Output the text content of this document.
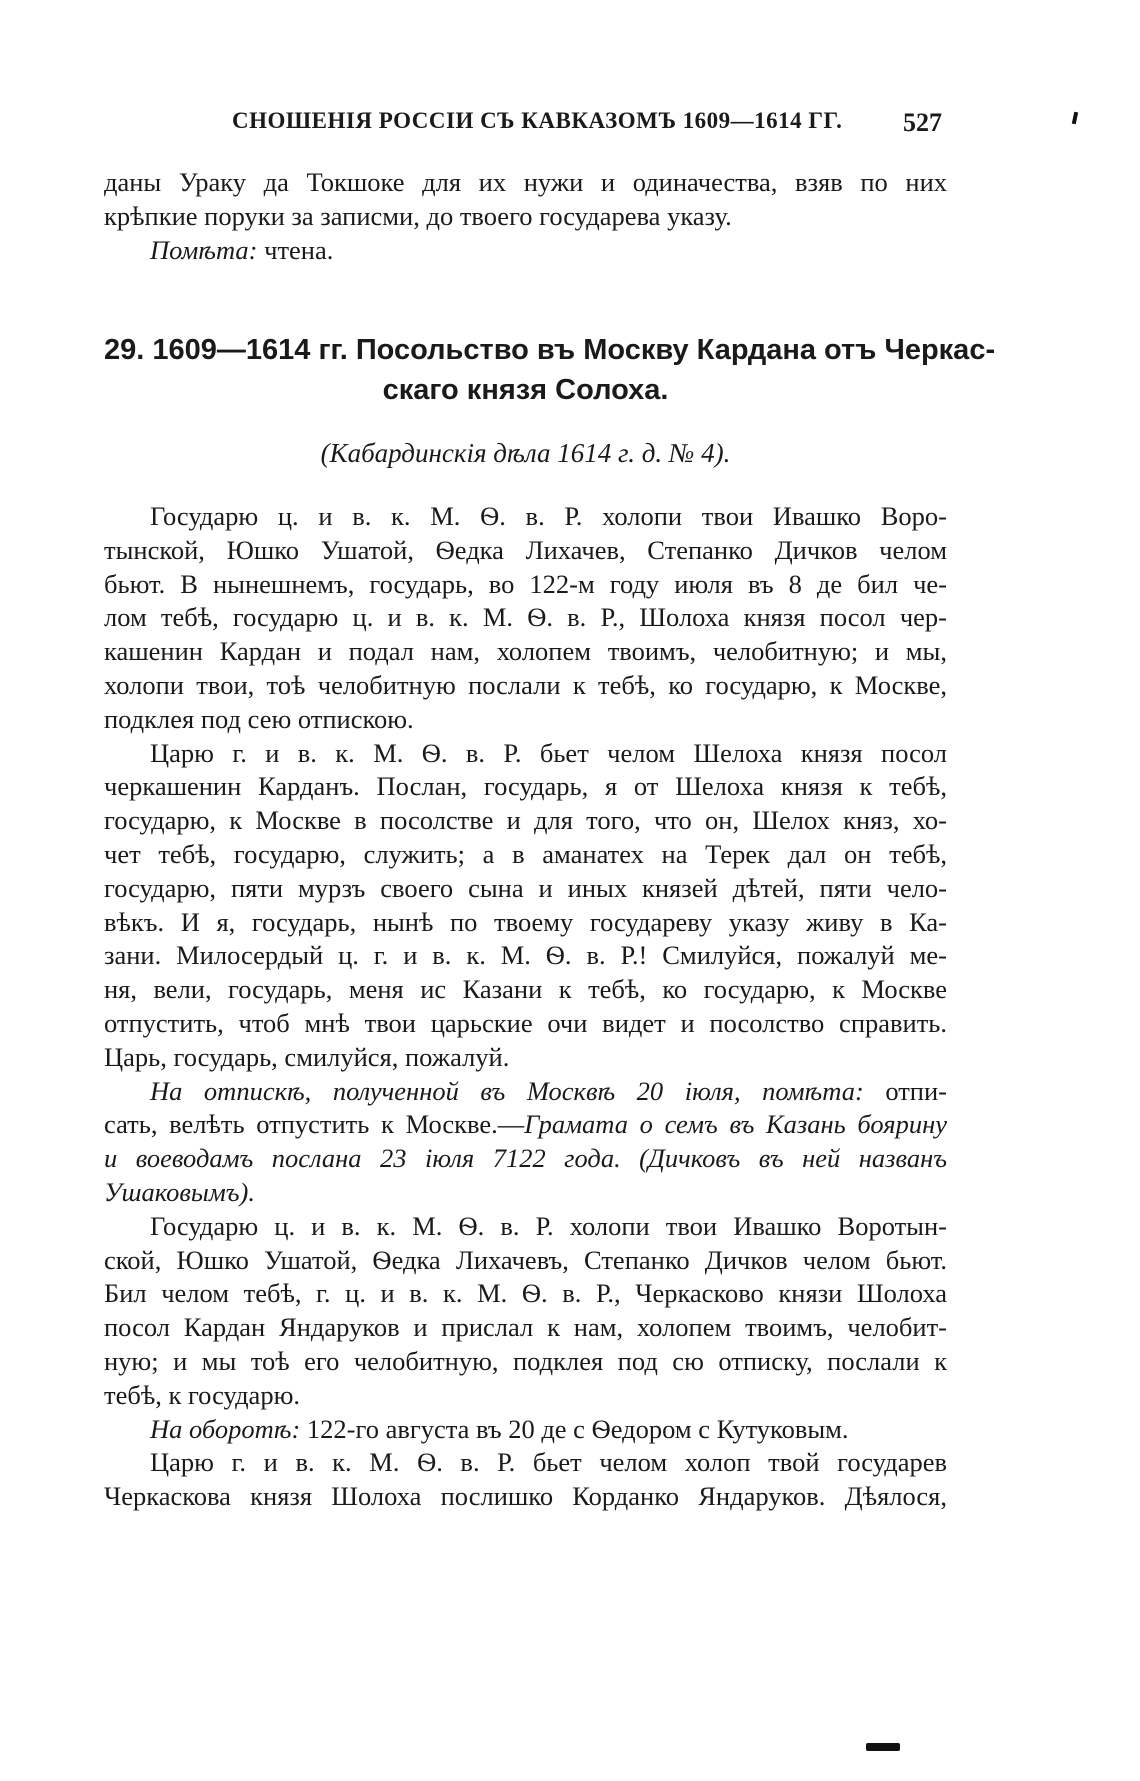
СНОШЕНІЯ РОССІИ СЪ КАВКАЗОМЪ 1609—1614 ГГ. 527
даны Ураку да Токшоке для их нужи и одиначества, взяв по них
крѣпкие поруки за записми, до твоего государева указу.
Помѣта: чтена.
29. 1609—1614 гг. Посольство въ Москву Кардана отъ Черкас-
скаго князя Солоха.
(Кабардинскія дѣла 1614 г. д. № 4).
Государю ц. и в. к. М. Ѳ. в. Р. холопи твои Ивашко Воро-
тынской, Юшко Ушатой, Ѳедка Лихачев, Степанко Дичков челом
бьют. В нынешнемъ, государь, во 122-м году июля въ 8 де бил че-
лом тебѣ, государю ц. и в. к. М. Ѳ. в. Р., Шолоха князя посол чер-
кашенин Кардан и подал нам, холопем твоимъ, челобитную; и мы,
холопи твои, тоѣ челобитную послали к тебѣ, ко государю, к Москве,
подклея под сею отпискою.
Царю г. и в. к. М. Ѳ. в. Р. бьет челом Шелоха князя посол
черкашенин Карданъ. Послан, государь, я от Шелоха князя к тебѣ,
государю, к Москве в посолстве и для того, что он, Шелох княз, хо-
чет тебѣ, государю, служить; а в аманатех на Терек дал он тебѣ,
государю, пяти мурзъ своего сына и иных князей дѣтей, пяти чело-
вѣкъ. И я, государь, нынѣ по твоему государеву указу живу в Ка-
зани. Милосердый ц. г. и в. к. М. Ѳ. в. Р.! Смилуйся, пожалуй ме-
ня, вели, государь, меня ис Казани к тебѣ, ко государю, к Москве
отпустить, чтоб мнѣ твои царьские очи видет и посолство справить.
Царь, государь, смилуйся, пожалуй.
На отпискѣ, полученной въ Москвѣ 20 іюля, помѣта: отпи-
сать, велѣть отпустить к Москве.—Грамата о семъ въ Казань боярину
и воеводамъ послана 23 іюля 7122 года. (Дичковъ въ ней названъ
Ушаковымъ).
Государю ц. и в. к. М. Ѳ. в. Р. холопи твои Ивашко Воротын-
ской, Юшко Ушатой, Ѳедка Лихачевъ, Степанко Дичков челом бьют.
Бил челом тебѣ, г. ц. и в. к. М. Ѳ. в. Р., Черкасково князи Шолоха
посол Кардан Яндаруков и прислал к нам, холопем твоимъ, челобит-
ную; и мы тоѣ его челобитную, подклея под сю отписку, послали к
тебѣ, к государю.
На оборотѣ: 122-го августа въ 20 де с Ѳедором с Кутуковым.
Царю г. и в. к. М. Ѳ. в. Р. бьет челом холоп твой государев
Черкаскова князя Шолоха послишко Корданко Яндаруков. Дѣялося,
